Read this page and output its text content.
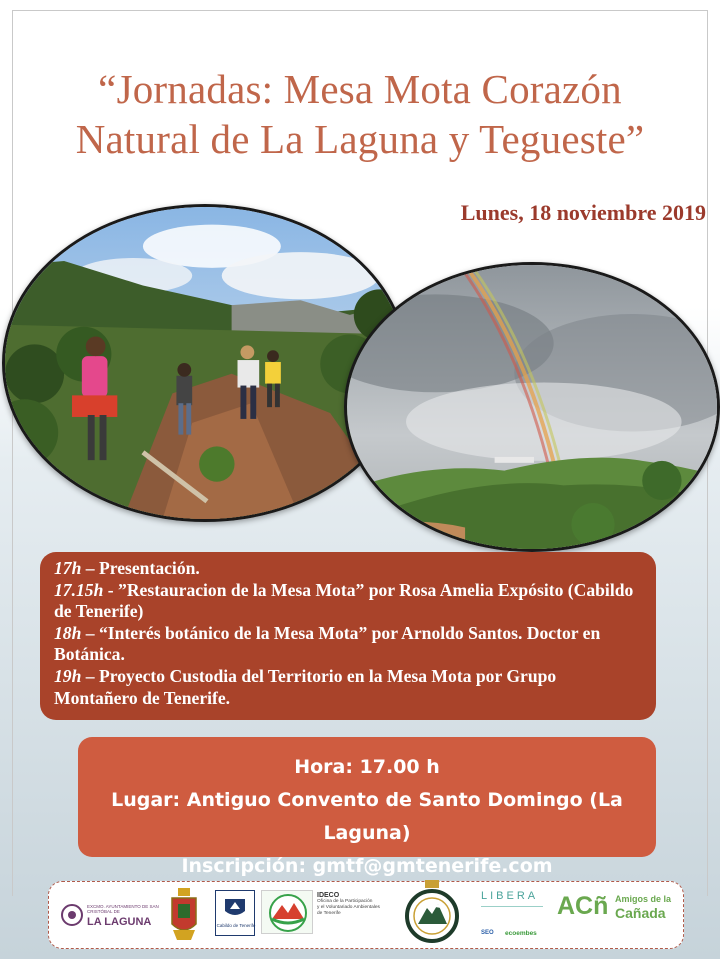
“Jornadas: Mesa Mota Corazón
Natural de La Laguna y Tegueste”
Lunes, 18 noviembre 2019
17h – Presentación.
17.15h - ”Restauracion de la Mesa Mota” por Rosa Amelia Expósito (Cabildo de Tenerife)
18h – “Interés botánico de la Mesa Mota” por Arnoldo Santos. Doctor en Botánica.
19h – Proyecto Custodia del Territorio en la Mesa Mota por Grupo Montañero de Tenerife.
Hora: 17.00 h
Lugar: Antiguo Convento de Santo Domingo (La Laguna)
Inscripción: gmtf@gmtenerife.com
EXCMO. AYUNTAMIENTO DE SAN CRISTÓBAL DE
LA LAGUNA	Cabildo de Tenerife
IDECO
Oficina de la Participación
y el Voluntariado Ambientales
de Tenerife
LIBERA
SEO ecoembes
ACñ Amigos de la
Cañada
